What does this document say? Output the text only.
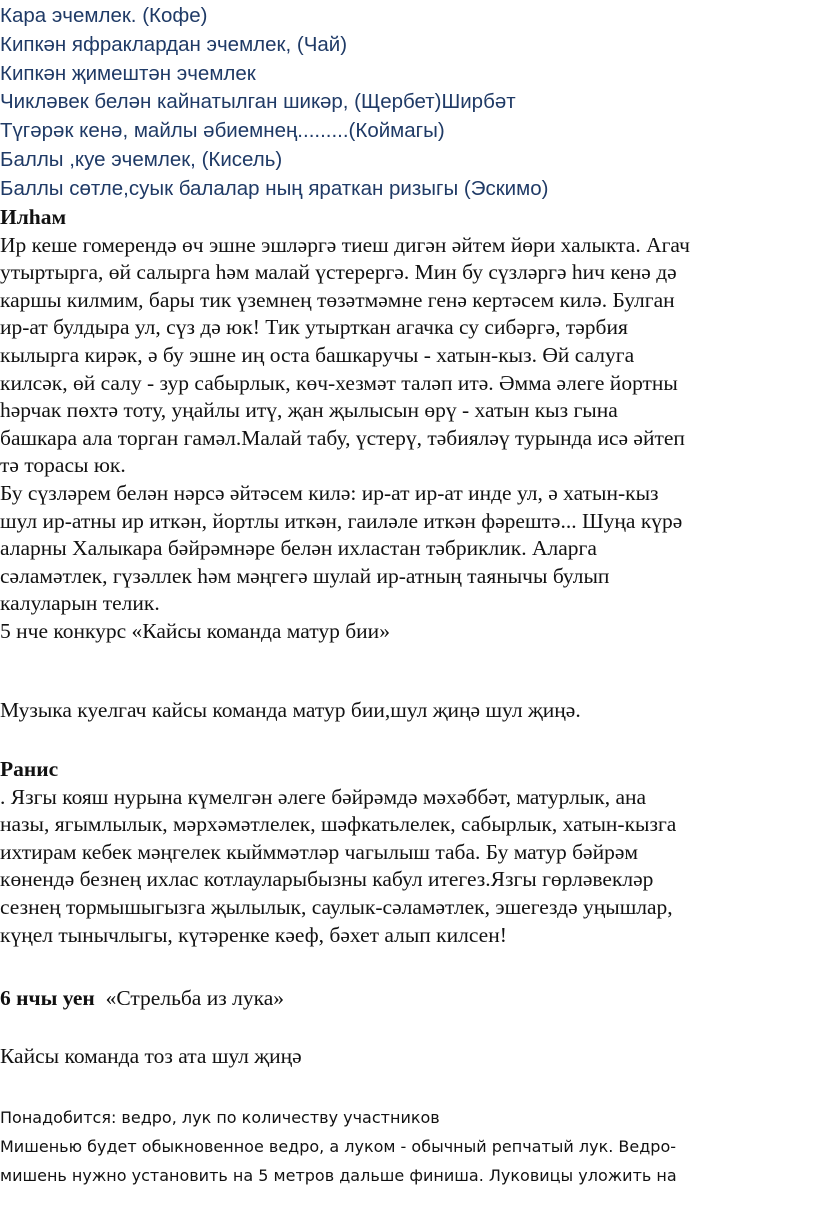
Кара эчемлек. (Кофе)
Кипкән яфраклардан эчемлек, (Чай)
Кипкән җимештән эчемлек
Чикләвек белән кайнатылган шикәр, (Щербет)Ширбәт
Түгәрәк кенә, майлы әбиемнең.........(Коймагы)
Баллы ,куе эчемлек, (Кисель)
Баллы сөтле,суык балалар ның яраткан ризыгы (Эскимо)
Илһам
Ир кеше гомерендә өч эшне эшләргә тиеш дигән әйтем йөри халыкта. Агач
утыртырга, өй салырга һәм малай үстерергә. Мин бу сүзләргә һич кенә дә
каршы килмим, бары тик үземнең төзәтмәмне генә кертәсем килә. Булган
ир-ат булдыра ул, сүз дә юк! Тик утырткан агачка су сибәргә, тәрбия
кылырга кирәк, ә бу эшне иң оста башкаручы - хатын-кыз. Өй салуга
килсәк, өй салу - зур сабырлык, көч-хезмәт таләп итә. Әмма әлеге йортны
һәрчак пөхтә тоту, уңайлы итү, җан җылысын өрү - хатын кыз гына
башкара ала торган гамәл.Малай табу, үстерү, тәбияләү турында исә әйтеп
тә торасы юк.
Бу сүзләрем белән нәрсә әйтәсем килә: ир-ат ир-ат инде ул, ә хатын-кыз
шул ир-атны ир иткән, йортлы иткән, гаиләле иткән фәрештә... Шуңа күрә
аларны Халыкара бәйрәмнәре белән ихластан тәбриклик. Аларга
сәламәтлек, гүзәллек һәм мәңгегә шулай ир-атның таянычы булып
калуларын телик.
5 нче конкурс «Кайсы команда матур бии»
Музыка куелгач кайсы команда матур бии,шул җиңә шул җиңә.
Ранис
. Язгы кояш нурына күмелгән әлеге бәйрәмдә мәхәббәт, матурлык, ана
назы, ягымлылык, мәрхәмәтлелек, шәфкатьлелек, сабырлык, хатын-кызга
ихтирам кебек мәңгелек кыйммәтләр чагылыш таба. Бу матур бәйрәм
көнендә безнең ихлас котлауларыбызны кабул итегез.Язгы гөрләвекләр
сезнең тормышыгызга җылылык, саулык-сәламәтлек, эшегездә уңышлар,
күңел тынычлыгы, күтәренке кәеф, бәхет алып килсен!
6 нчы уен «Стрельба из лука»
Кайсы команда тоз ата шул җиңә
Понадобится: ведро, лук по количеству участников
Мишенью будет обыкновенное ведро, а луком - обычный репчатый лук. Ведро-
мишень нужно установить на 5 метров дальше финиша. Луковицы уложить на
